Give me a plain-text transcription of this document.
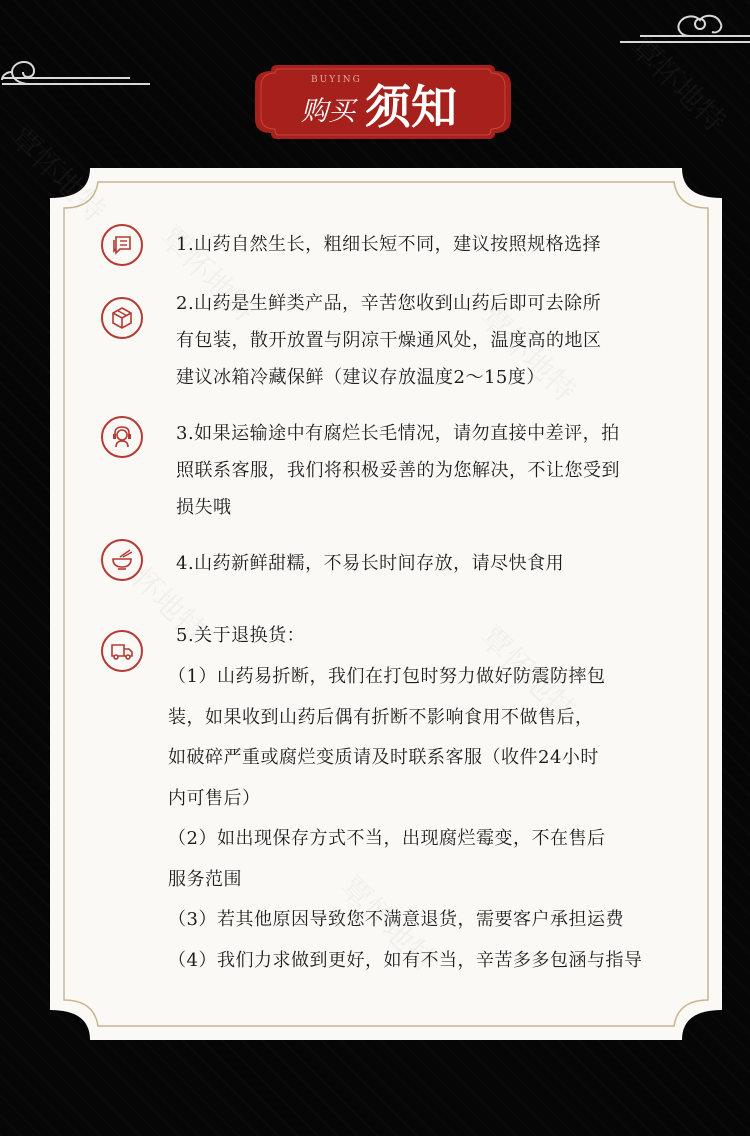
BUYING
购买 须知
1.山药自然生长，粗细长短不同，建议按照规格选择
2.山药是生鲜类产品，辛苦您收到山药后即可去除所
有包装，散开放置与阴凉干燥通风处，温度高的地区
建议冰箱冷藏保鲜（建议存放温度2～15度）
3.如果运输途中有腐烂长毛情况，请勿直接中差评，拍
照联系客服，我们将积极妥善的为您解决，不让您受到
损失哦
4.山药新鲜甜糯，不易长时间存放，请尽快食用
5.关于退换货：
（1）山药易折断，我们在打包时努力做好防震防摔包
装，如果收到山药后偶有折断不影响食用不做售后，
如破碎严重或腐烂变质请及时联系客服（收件24小时
内可售后）
（2）如出现保存方式不当，出现腐烂霉变，不在售后
服务范围
（3）若其他原因导致您不满意退货，需要客户承担运费
（4）我们力求做到更好，如有不当，辛苦多多包涵与指导
